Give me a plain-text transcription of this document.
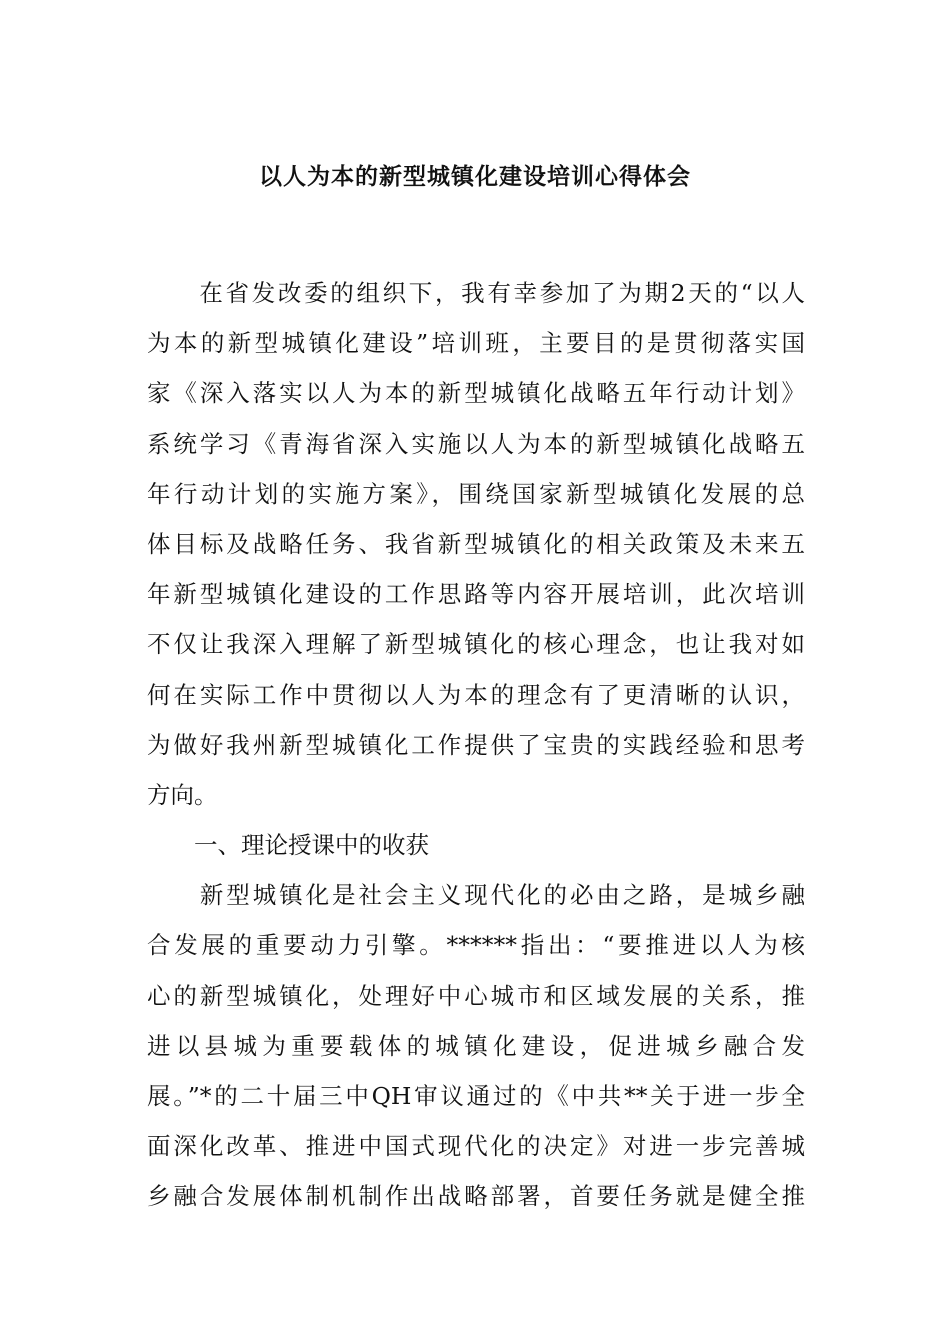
以人为本的新型城镇化建设培训心得体会
　　在省发改委的组织下，我有幸参加了为期2天的“以人
为本的新型城镇化建设”培训班，主要目的是贯彻落实国
家《深入落实以人为本的新型城镇化战略五年行动计划》
系统学习《青海省深入实施以人为本的新型城镇化战略五
年行动计划的实施方案》，围绕国家新型城镇化发展的总
体目标及战略任务、我省新型城镇化的相关政策及未来五
年新型城镇化建设的工作思路等内容开展培训，此次培训
不仅让我深入理解了新型城镇化的核心理念，也让我对如
何在实际工作中贯彻以人为本的理念有了更清晰的认识，
为做好我州新型城镇化工作提供了宝贵的实践经验和思考
方向。
　　一、理论授课中的收获
　　新型城镇化是社会主义现代化的必由之路，是城乡融
合发展的重要动力引擎。******指出：“要推进以人为核
心的新型城镇化，处理好中心城市和区域发展的关系，推
进以县城为重要载体的城镇化建设，促进城乡融合发
展。”*的二十届三中QH审议通过的《中共**关于进一步全
面深化改革、推进中国式现代化的决定》对进一步完善城
乡融合发展体制机制作出战略部署，首要任务就是健全推
